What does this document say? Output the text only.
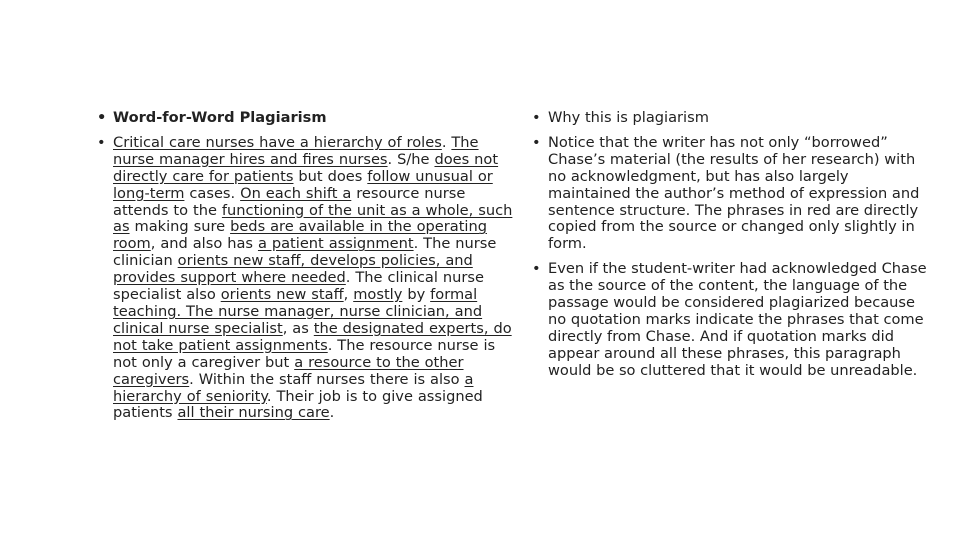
• Word-for-Word Plagiarism
• Critical care nurses have a hierarchy of roles. The nurse manager hires and fires nurses. S/he does not directly care for patients but does follow unusual or long-term cases. On each shift a resource nurse attends to the functioning of the unit as a whole, such as making sure beds are available in the operating room, and also has a patient assignment. The nurse clinician orients new staff, develops policies, and provides support where needed. The clinical nurse specialist also orients new staff, mostly by formal teaching. The nurse manager, nurse clinician, and clinical nurse specialist, as the designated experts, do not take patient assignments. The resource nurse is not only a caregiver but a resource to the other caregivers. Within the staff nurses there is also a hierarchy of seniority. Their job is to give assigned patients all their nursing care.
• Why this is plagiarism
• Notice that the writer has not only “borrowed” Chase’s material (the results of her research) with no acknowledgment, but has also largely maintained the author’s method of expression and sentence structure. The phrases in red are directly copied from the source or changed only slightly in form.
• Even if the student-writer had acknowledged Chase as the source of the content, the language of the passage would be considered plagiarized because no quotation marks indicate the phrases that come directly from Chase. And if quotation marks did appear around all these phrases, this paragraph would be so cluttered that it would be unreadable.
